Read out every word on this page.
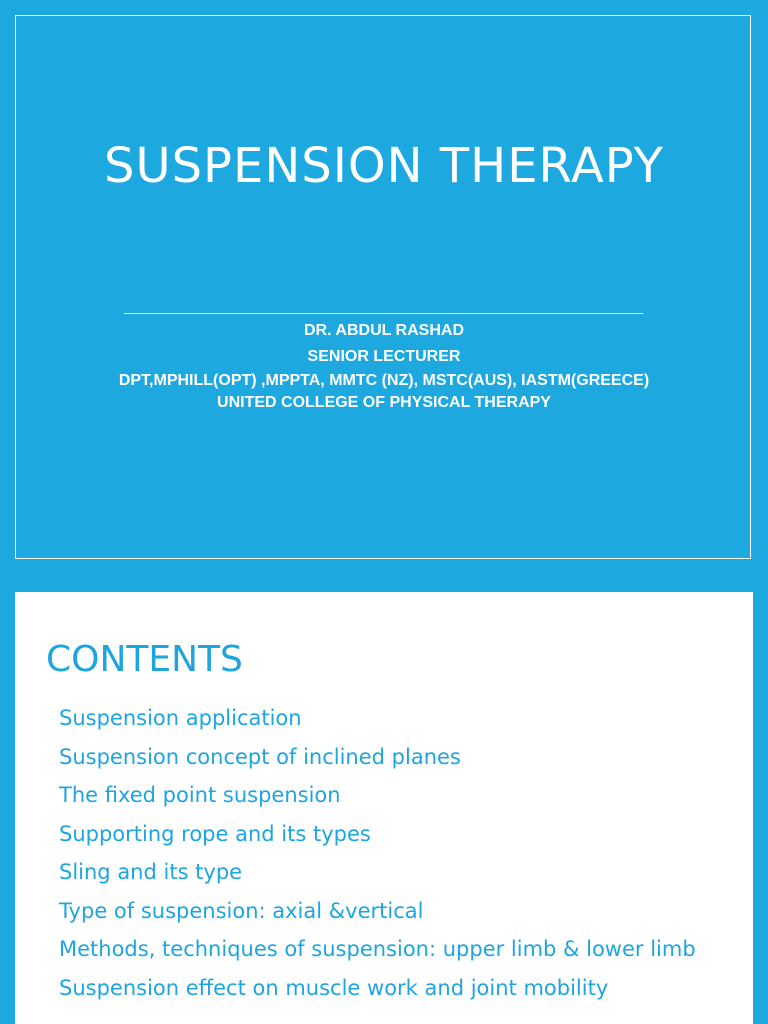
SUSPENSION THERAPY
DR. ABDUL RASHAD
SENIOR LECTURER
DPT,MPHILL(OPT) ,MPPTA, MMTC (NZ), MSTC(AUS), IASTM(GREECE)
UNITED COLLEGE OF PHYSICAL THERAPY
CONTENTS
Suspension application
Suspension concept of inclined planes
The fixed point suspension
Supporting rope and its types
Sling and its type
Type of suspension: axial &vertical
Methods, techniques of suspension: upper limb & lower limb
Suspension effect on muscle work and joint mobility
